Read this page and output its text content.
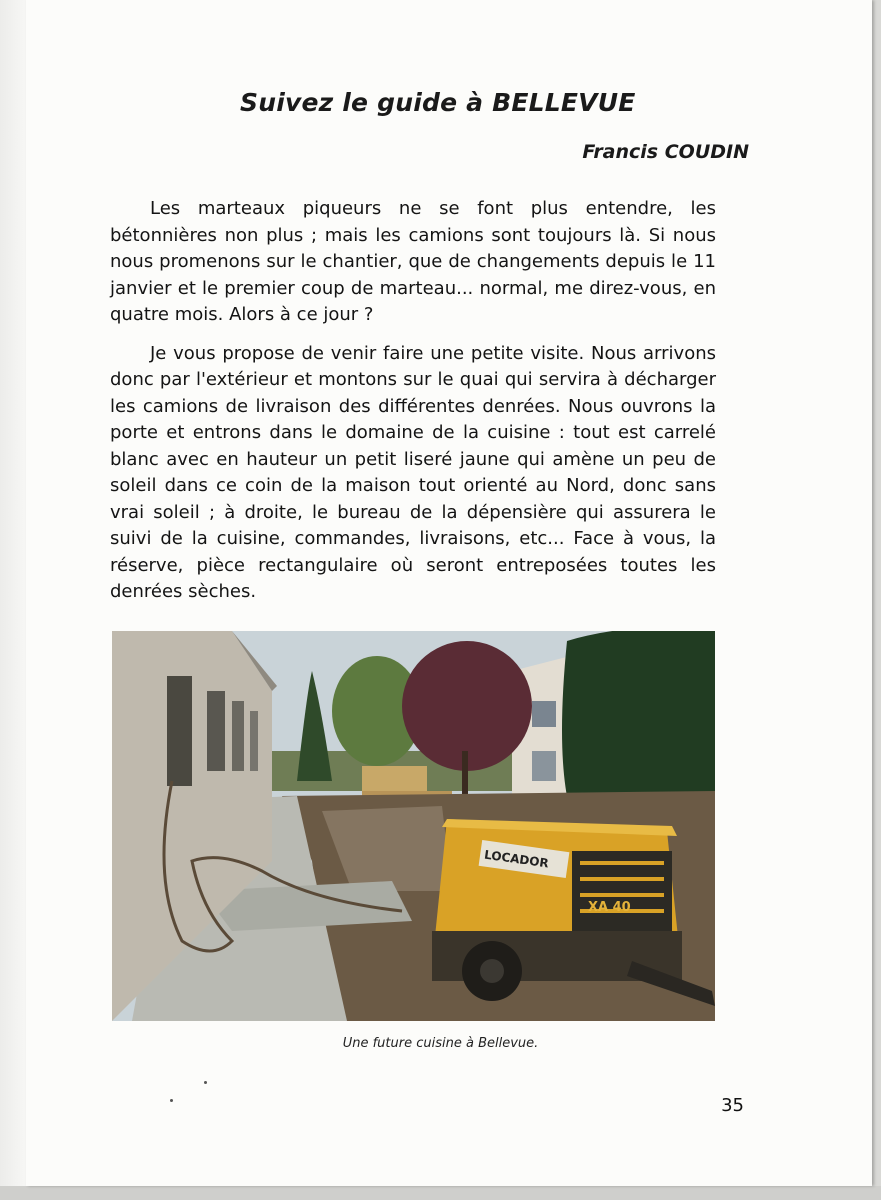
Suivez le guide à BELLEVUE
Francis COUDIN

Les marteaux piqueurs ne se font plus entendre, les bétonnières non plus ; mais les camions sont toujours là. Si nous nous promenons sur le chantier, que de changements depuis le 11 janvier et le premier coup de marteau... normal, me direz-vous, en quatre mois. Alors à ce jour ?

Je vous propose de venir faire une petite visite. Nous arrivons donc par l'extérieur et montons sur le quai qui servira à décharger les camions de livraison des différentes denrées. Nous ouvrons la porte et entrons dans le domaine de la cuisine : tout est carrelé blanc avec en hauteur un petit liseré jaune qui amène un peu de soleil dans ce coin de la maison tout orienté au Nord, donc sans vrai soleil ; à droite, le bureau de la dépensière qui assurera le suivi de la cuisine, commandes, livraisons, etc... Face à vous, la réserve, pièce rectangulaire où seront entreposées toutes les denrées sèches.

LOCADOR
XA 40
Une future cuisine à Bellevue.
35
